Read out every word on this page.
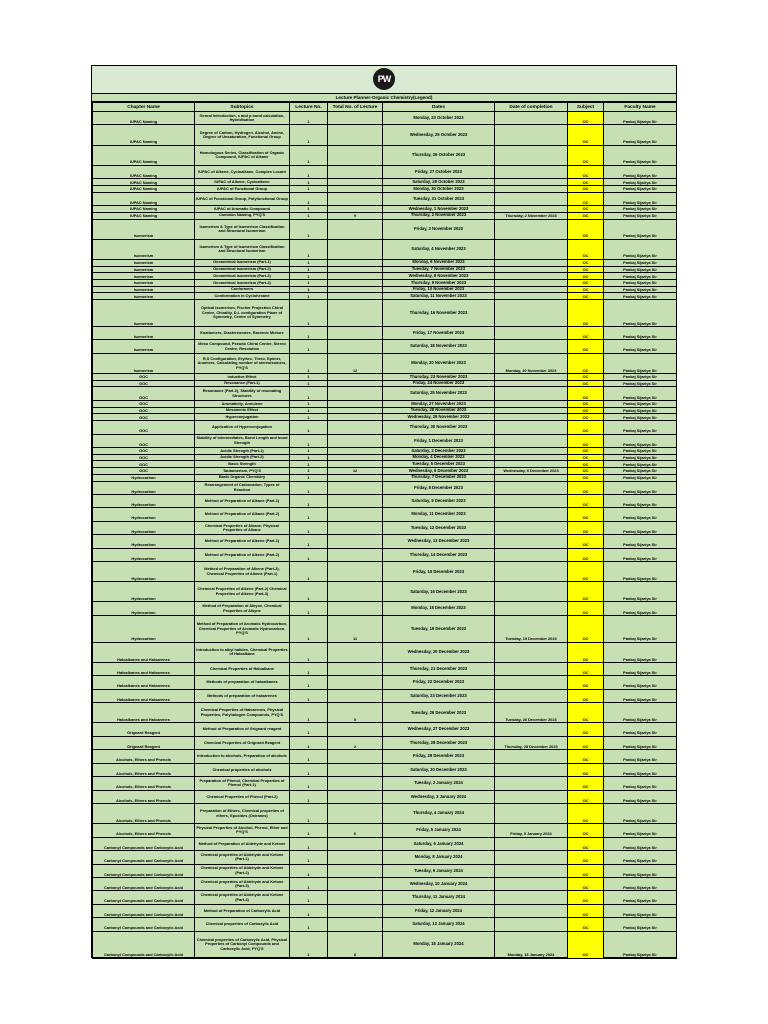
PW
Lecture Planner-Organic Chemistry(Legend)
Chapter Name	Subtopics	Lecture No.	Total No. of Lecture	Dates	Date of completion	Subject	Faculty Name
IUPAC Naming	Genral Introduction, s and p bond calculation, Hybridisation	1		Monday, 23 October 2023		OC	Pankaj Sijariya Sir
IUPAC Naming	Degree of Carbon, Hydrogen, Alcohol, Amine, Degree of Unsaturation, Functional Group	1		Wednesday, 25 October 2023		OC	Pankaj Sijariya Sir
IUPAC Naming	Homologous Series, Classification of Organic Compound, IUPAC of Alkane	1		Thursday, 26 October 2023		OC	Pankaj Sijariya Sir
IUPAC Naming	IUPAC of Alkene, Cycloalkane, Complex Locant	1		Friday, 27 October 2023		OC	Pankaj Sijariya Sir
IUPAC Naming	IUPAC of Alkene, Cycloalkene	1		Saturday, 28 October 2023		OC	Pankaj Sijariya Sir
IUPAC Naming	IUPAC of Functional Group	1		Monday, 30 October 2023		OC	Pankaj Sijariya Sir
IUPAC Naming	IUPAC of Functional Group, Polyfunctional Group	1		Tuesday, 31 October 2023		OC	Pankaj Sijariya Sir
IUPAC Naming	IUPAC of Aromatic Compound	1		Wednesday, 1 November 2023		OC	Pankaj Sijariya Sir
IUPAC Naming	Common Naming, PYQ'S	1	9	Thursday, 2 November 2023	Thursday, 2 November 2023	OC	Pankaj Sijariya Sir
Isomerism	Isomerism & Type of Isomerism Classification and Structural Isomerism	1		Friday, 3 November 2023		OC	Pankaj Sijariya Sir
Isomerism	Isomerism & Type of Isomerism Classification and Structural Isomerism	1		Saturday, 4 November 2023		OC	Pankaj Sijariya Sir
Isomerism	Geometrical Isomerism (Part-1)	1		Monday, 6 November 2023		OC	Pankaj Sijariya Sir
Isomerism	Geometrical Isomerism (Part-2)	1		Tuesday, 7 November 2023		OC	Pankaj Sijariya Sir
Isomerism	Geometrical Isomerism (Part-3)	1		Wednesday, 8 November 2023		OC	Pankaj Sijariya Sir
Isomerism	Geometrical Isomerism (Part-4)	1		Thursday, 9 November 2023		OC	Pankaj Sijariya Sir
Isomerism	Conformers	1		Friday, 10 November 2023		OC	Pankaj Sijariya Sir
Isomerism	Conformation in Cyclohexane	1		Saturday, 11 November 2023		OC	Pankaj Sijariya Sir
Isomerism	Optical Isomerism, Fischer Projection Chiral Centre, Chirality, D,L configuration Plane of Symmetry, Centre of Symmetry	1		Thursday, 16 November 2023		OC	Pankaj Sijariya Sir
Isomerism	Enatiomers, Diastereomers, Racemic Mixture	1		Friday, 17 November 2023		OC	Pankaj Sijariya Sir
Isomerism	Meso Compound, Pseudo Chiral Centre, Stereo Centre, Resolution	1		Saturday, 18 November 2023		OC	Pankaj Sijariya Sir
Isomerism	R,S Configuration, Erythro, Threo, Epimer, Anomers, Calculating number of stereoisomers, PYQ'S	1	12	Monday, 20 November 2023	Monday, 20 November 2023	OC	Pankaj Sijariya Sir
GOC	Inductive Effect	1		Thursday, 23 November 2023		OC	Pankaj Sijariya Sir
GOC	Resonance (Part-1)	1		Friday, 24 November 2023		OC	Pankaj Sijariya Sir
GOC	Resonance (Part-2), Stability of resonating Structures	1		Saturday, 25 November 2023		OC	Pankaj Sijariya Sir
GOC	Aromaticity, Annulene	1		Monday, 27 November 2023		OC	Pankaj Sijariya Sir
GOC	Mesomeric Effect	1		Tuesday, 28 November 2023		OC	Pankaj Sijariya Sir
GOC	Hyperconjugation	1		Wednesday, 29 November 2023		OC	Pankaj Sijariya Sir
GOC	Application of Hyperconjugation	1		Thursday, 30 November 2023		OC	Pankaj Sijariya Sir
GOC	Stability of intermediates, Bond Length and bond Strength	1		Friday, 1 December 2023		OC	Pankaj Sijariya Sir
GOC	Acidic Strength (Part-1)	1		Saturday, 2 December 2023		OC	Pankaj Sijariya Sir
GOC	Acidic Strength (Part-2)	1		Monday, 4 December 2023		OC	Pankaj Sijariya Sir
GOC	Basic Strength	1		Tuesday, 5 December 2023		OC	Pankaj Sijariya Sir
GOC	Tautomerism, PYQ'S	1	12	Wednesday, 6 December 2023	Wednesday, 6 December 2023	OC	Pankaj Sijariya Sir
Hydrocarbon	Basic Organic Chemistry	1		Thursday, 7 December 2023		OC	Pankaj Sijariya Sir
Hydrocarbon	Rearrangement of Carbocation, Types of Reaction	1		Friday, 8 December 2023		OC	Pankaj Sijariya Sir
Hydrocarbon	Method of Preparation of Alkane (Part-1)	1		Saturday, 9 December 2023		OC	Pankaj Sijariya Sir
Hydrocarbon	Method of Preparation of Alkane (Part-2)	1		Monday, 11 December 2023		OC	Pankaj Sijariya Sir
Hydrocarbon	Chemical Properties of Alkane, Physical Properties of Alkane	1		Tuesday, 12 December 2023		OC	Pankaj Sijariya Sir
Hydrocarbon	Method of Preparation of Alkene (Part-1)	1		Wednesday, 13 December 2023		OC	Pankaj Sijariya Sir
Hydrocarbon	Method of Preparation of Alkene (Part-2)	1		Thursday, 14 December 2023		OC	Pankaj Sijariya Sir
Hydrocarbon	Method of Preparation of Alkene (Part-3), Chemical Properties of Alkene (Part-1)	1		Friday, 15 December 2023		OC	Pankaj Sijariya Sir
Hydrocarbon	Chemical Properties of Alkene (Part-2) Chemical Properties of Alkene (Part-3)	1		Saturday, 16 December 2023		OC	Pankaj Sijariya Sir
Hydrocarbon	Method of Preparation of Alkyne, Chemical Properties of Alkyne	1		Monday, 18 December 2023		OC	Pankaj Sijariya Sir
Hydrocarbon	Method of Preparation of Aromatic Hydrocarbon, Chemical Properties of Aromatic Hydrocarbon, PYQ'S	1	11	Tuesday, 19 December 2023	Tuesday, 19 December 2023	OC	Pankaj Sijariya Sir
Haloalkanes and Haloarenes	Introduction to alkyl halides, Chemical Properties of Haloalkane	1		Wednesday, 20 December 2023		OC	Pankaj Sijariya Sir
Haloalkanes and Haloarenes	Chemical Properties of Haloalkane	1		Thursday, 21 December 2023		OC	Pankaj Sijariya Sir
Haloalkanes and Haloarenes	Methods of preparation of haloalkanes	1		Friday, 22 December 2023		OC	Pankaj Sijariya Sir
Haloalkanes and Haloarenes	Methods of preparation of haloarenes	1		Saturday, 23 December 2023		OC	Pankaj Sijariya Sir
Haloalkanes and Haloarenes	Chemical Properties of Haloarenes, Physical Properties, Polyhalogen Compounds, PYQ'S	1	5	Tuesday, 26 December 2023	Tuesday, 26 December 2023	OC	Pankaj Sijariya Sir
Grignard Reagent	Method of Preparation of Grignard reagent	1		Wednesday, 27 December 2023		OC	Pankaj Sijariya Sir
Grignard Reagent	Chemical Properties of Grignard Reagent	1	2	Thursday, 28 December 2023	Thursday, 28 December 2023	OC	Pankaj Sijariya Sir
Alcohols, Ethers and Phenols	Introduction to alcohols, Preparation of alcohols	1		Friday, 29 December 2023		OC	Pankaj Sijariya Sir
Alcohols, Ethers and Phenols	Chemical properties of alcohols	1		Saturday, 30 December 2023		OC	Pankaj Sijariya Sir
Alcohols, Ethers and Phenols	Preparation of Phenol, Chemical Properties of Phenol (Part-1)	1		Tuesday, 2 January 2024		OC	Pankaj Sijariya Sir
Alcohols, Ethers and Phenols	Chemical Properties of Phenol (Part-2)	1		Wednesday, 3 January 2024		OC	Pankaj Sijariya Sir
Alcohols, Ethers and Phenols	Preparation of Ethers, Chemical properties of ethers, Epoxides (Oxiranes)	1		Thursday, 4 January 2024		OC	Pankaj Sijariya Sir
Alcohols, Ethers and Phenols	Physical Properties of Alcohol, Phenol, Ether and PYQ'S	1	6	Friday, 5 January 2024	Friday, 5 January 2024	OC	Pankaj Sijariya Sir
Carbonyl Compounds and Carboxylic Acid	Method of Preparation of Aldehyde and Ketone	1		Saturday, 6 January 2024		OC	Pankaj Sijariya Sir
Carbonyl Compounds and Carboxylic Acid	Chemical properties of Aldehyde and Ketone (Part-1)	1		Monday, 8 January 2024		OC	Pankaj Sijariya Sir
Carbonyl Compounds and Carboxylic Acid	Chemical properties of Aldehyde and Ketone (Part-2)	1		Tuesday, 9 January 2024		OC	Pankaj Sijariya Sir
Carbonyl Compounds and Carboxylic Acid	Chemical properties of Aldehyde and Ketone (Part-3)	1		Wednesday, 10 January 2024		OC	Pankaj Sijariya Sir
Carbonyl Compounds and Carboxylic Acid	Chemical properties of Aldehyde and Ketone (Part-4)	1		Thursday, 11 January 2024		OC	Pankaj Sijariya Sir
Carbonyl Compounds and Carboxylic Acid	Method of Preparation of Carboxylic Acid	1		Friday, 12 January 2024		OC	Pankaj Sijariya Sir
Carbonyl Compounds and Carboxylic Acid	Chemical properties of Carboxylic Acid	1		Saturday, 13 January 2024		OC	Pankaj Sijariya Sir
Carbonyl Compounds and Carboxylic Acid	Chemical properties of Carboxylic Acid, Physical Properties of Carbonyl Compounds and Carboxylic Acid, PYQ'S	1	8	Monday, 15 January 2024	Monday, 15 January 2024	OC	Pankaj Sijariya Sir
